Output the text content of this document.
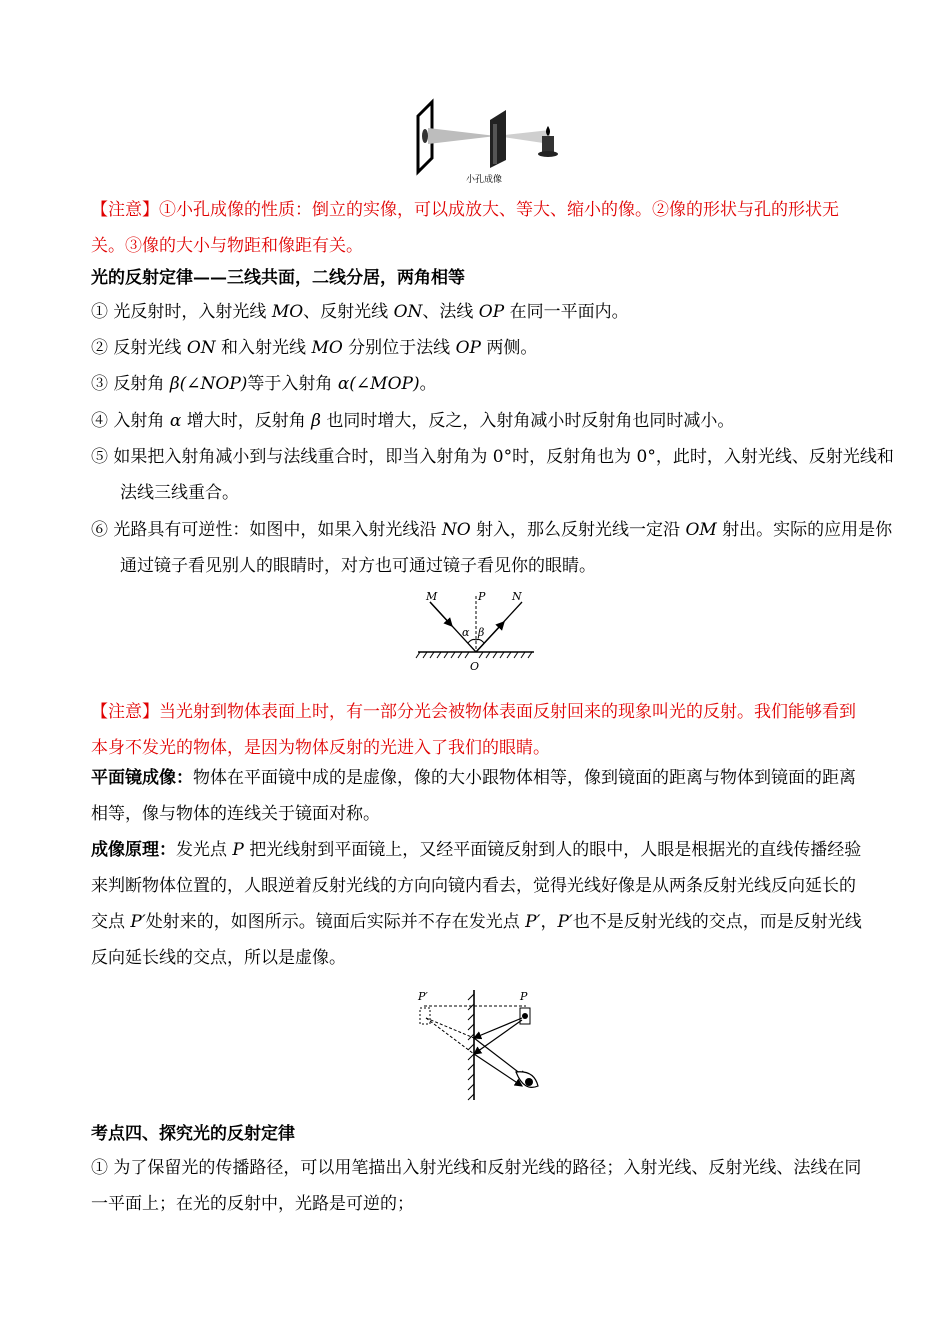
小孔成像

【注意】①小孔成像的性质：倒立的实像，可以成放大、等大、缩小的像。②像的形状与孔的形状无关。③像的大小与物距和像距有关。

光的反射定律——三线共面，二线分居，两角相等

① 光反射时，入射光线 MO、反射光线 ON、法线 OP 在同一平面内。

② 反射光线 ON 和入射光线 MO 分别位于法线 OP 两侧。

③ 反射角 β(∠NOP)等于入射角 α(∠MOP)。

④ 入射角 α 增大时，反射角 β 也同时增大，反之，入射角减小时反射角也同时减小。

⑤ 如果把入射角减小到与法线重合时，即当入射角为 0°时，反射角也为 0°，此时，入射光线、反射光线和法线三线重合。

⑥ 光路具有可逆性：如图中，如果入射光线沿 NO 射入，那么反射光线一定沿 OM 射出。实际的应用是你通过镜子看见别人的眼睛时，对方也可通过镜子看见你的眼睛。

M	P N
α β
O

【注意】当光射到物体表面上时，有一部分光会被物体表面反射回来的现象叫光的反射。我们能够看到本身不发光的物体，是因为物体反射的光进入了我们的眼睛。

平面镜成像：物体在平面镜中成的是虚像，像的大小跟物体相等，像到镜面的距离与物体到镜面的距离相等，像与物体的连线关于镜面对称。

成像原理：发光点 P 把光线射到平面镜上，又经平面镜反射到人的眼中，人眼是根据光的直线传播经验来判断物体位置的，人眼逆着反射光线的方向向镜内看去，觉得光线好像是从两条反射光线反向延长的交点 P′处射来的，如图所示。镜面后实际并不存在发光点 P′，P′也不是反射光线的交点，而是反射光线反向延长线的交点，所以是虚像。

P′	P

考点四、探究光的反射定律

① 为了保留光的传播路径，可以用笔描出入射光线和反射光线的路径；入射光线、反射光线、法线在同一平面上；在光的反射中，光路是可逆的；
